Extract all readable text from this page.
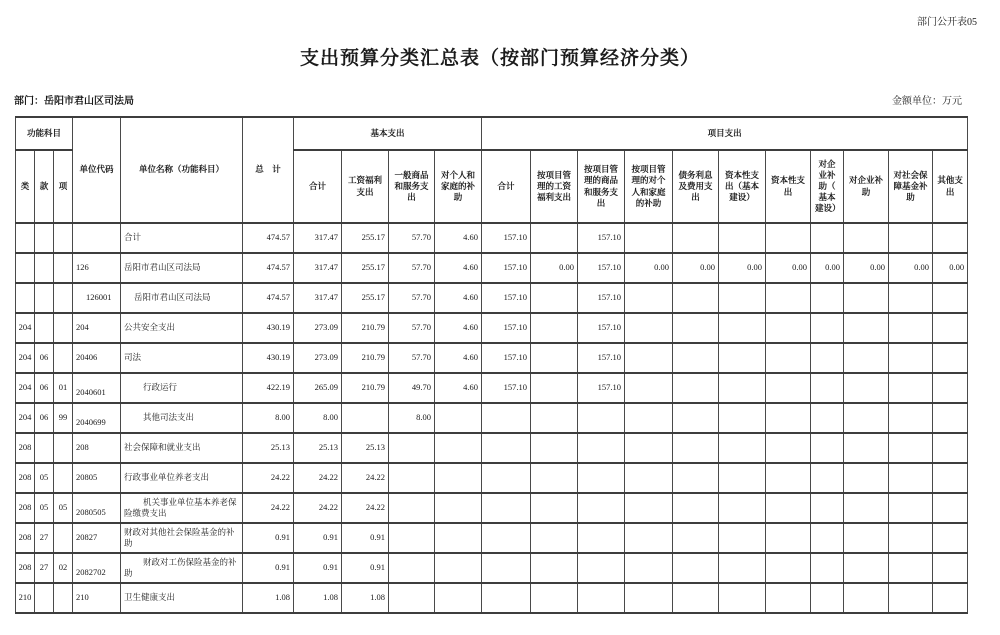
部门公开表05
支出预算分类汇总表（按部门预算经济分类）
部门：岳阳市君山区司法局	金额单位：万元
功能科目			单位代码	单位名称（功能科目）	总　计	基本支出				项目支出										
类	款	项				合计	工资福利支出	一般商品和服务支出	对个人和家庭的补助	合计	按项目管理的工资福利支出	按项目管理的商品和服务支出	按项目管理的对个人和家庭的补助	债务利息及费用支出	资本性支出（基本建设）	资本性支出	对企业补助（基本建设）	对企业补助	对社会保障基金补助	其他支出
				合计	474.57	317.47	255.17	57.70	4.60	157.10		157.10								
			126	岳阳市君山区司法局	474.57	317.47	255.17	57.70	4.60	157.10	0.00	157.10	0.00	0.00	0.00	0.00	0.00	0.00	0.00	0.00
			126001	岳阳市君山区司法局	474.57	317.47	255.17	57.70	4.60	157.10		157.10								
204			204	公共安全支出	430.19	273.09	210.79	57.70	4.60	157.10		157.10								
204	06		20406	司法	430.19	273.09	210.79	57.70	4.60	157.10		157.10								
204	06	01	2040601	行政运行	422.19	265.09	210.79	49.70	4.60	157.10		157.10								
204	06	99	2040699	其他司法支出	8.00	8.00		8.00												
208			208	社会保障和就业支出	25.13	25.13	25.13													
208	05		20805	行政事业单位养老支出	24.22	24.22	24.22													
208	05	05	2080505	机关事业单位基本养老保险缴费支出	24.22	24.22	24.22													
208	27		20827	财政对其他社会保险基金的补助	0.91	0.91	0.91													
208	27	02	2082702	财政对工伤保险基金的补助	0.91	0.91	0.91													
210			210	卫生健康支出	1.08	1.08	1.08													
